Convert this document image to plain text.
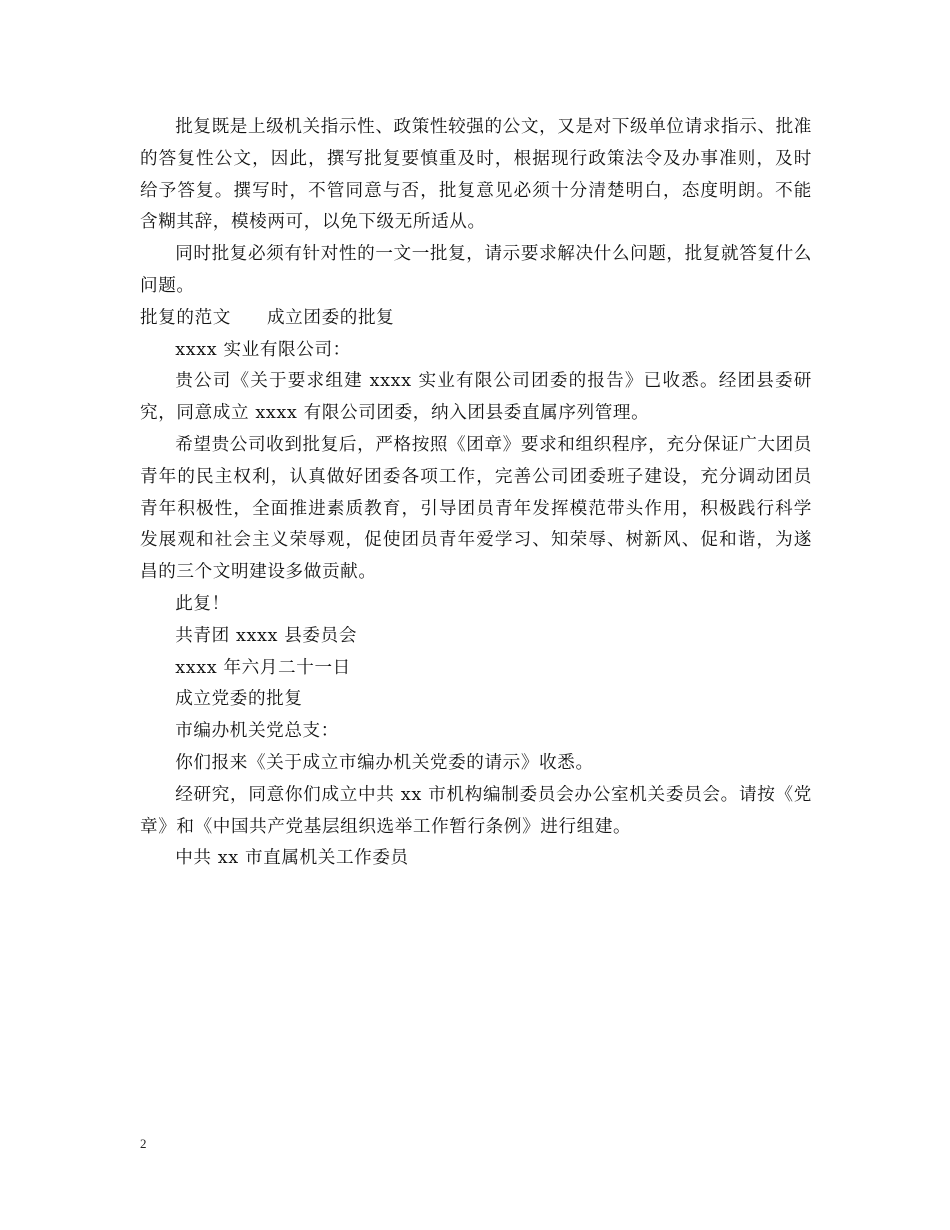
批复既是上级机关指示性、政策性较强的公文，又是对下级单位请求指示、批准的答复性公文，因此，撰写批复要慎重及时，根据现行政策法令及办事准则，及时给予答复。撰写时，不管同意与否，批复意见必须十分清楚明白，态度明朗。不能含糊其辞，模棱两可，以免下级无所适从。

同时批复必须有针对性的一文一批复，请示要求解决什么问题，批复就答复什么问题。

批复的范文 成立团委的批复

xxxx 实业有限公司：

贵公司《关于要求组建 xxxx 实业有限公司团委的报告》已收悉。经团县委研究，同意成立 xxxx 有限公司团委，纳入团县委直属序列管理。

希望贵公司收到批复后，严格按照《团章》要求和组织程序，充分保证广大团员青年的民主权利，认真做好团委各项工作，完善公司团委班子建设，充分调动团员青年积极性，全面推进素质教育，引导团员青年发挥模范带头作用，积极践行科学发展观和社会主义荣辱观，促使团员青年爱学习、知荣辱、树新风、促和谐，为遂昌的三个文明建设多做贡献。

此复！

共青团 xxxx 县委员会

xxxx 年六月二十一日

成立党委的批复

市编办机关党总支：

你们报来《关于成立市编办机关党委的请示》收悉。

经研究，同意你们成立中共 xx 市机构编制委员会办公室机关委员会。请按《党章》和《中国共产党基层组织选举工作暂行条例》进行组建。

中共 xx 市直属机关工作委员

2
